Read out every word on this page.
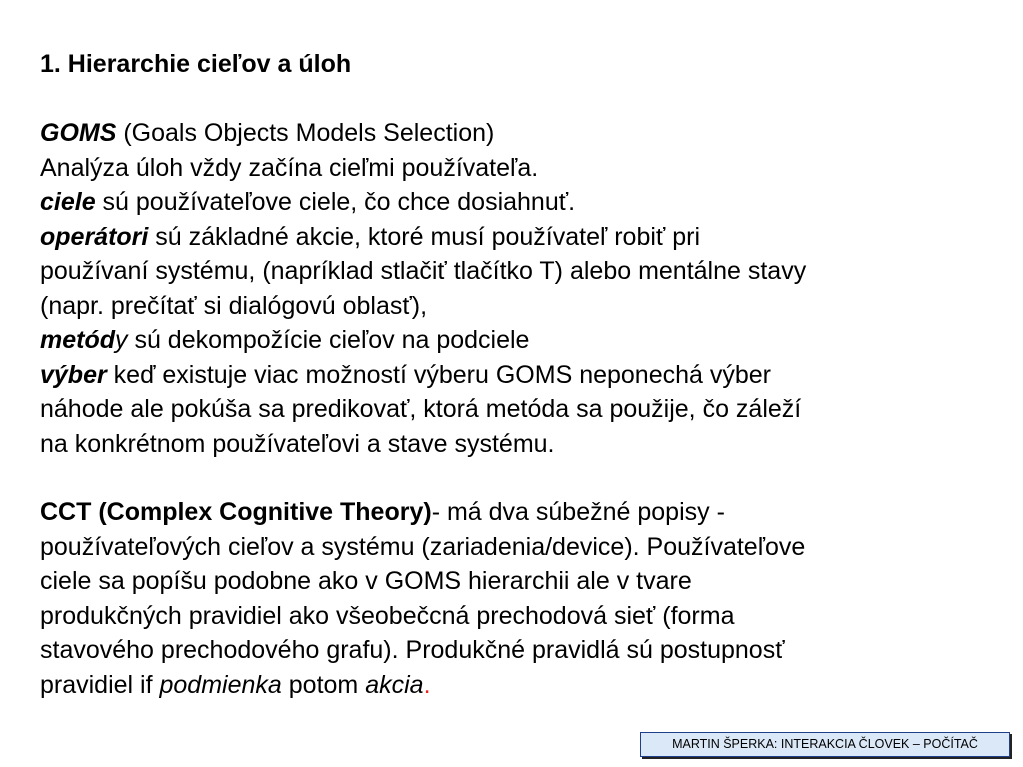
1. Hierarchie cieľov a úloh
GOMS (Goals Objects Models Selection)
Analýza úloh vždy začína cieľmi používateľa.
ciele sú používateľove ciele, čo chce dosiahnuť.
operátori sú základné akcie, ktoré musí používateľ robiť pri
používaní systému, (napríklad stlačiť tlačítko T) alebo mentálne stavy
(napr. prečítať si dialógovú oblasť),
metódy sú dekompožície cieľov na podciele
výber keď existuje viac možností výberu GOMS neponechá výber
náhode ale pokúša sa predikovať, ktorá metóda sa použije, čo záleží
na konkrétnom používateľovi a stave systému.
CCT (Complex Cognitive Theory)- má dva súbežné popisy -
používateľových cieľov a systému (zariadenia/device). Používateľove
ciele sa popíšu podobne ako v GOMS hierarchii ale v tvare
produkčných pravidiel ako všeobečcná prechodová sieť (forma
stavového prechodového grafu). Produkčné pravidlá sú postupnosť
pravidiel if podmienka potom akcia.
MARTIN ŠPERKA: INTERAKCIA ČLOVEK – POČÍTAČ
